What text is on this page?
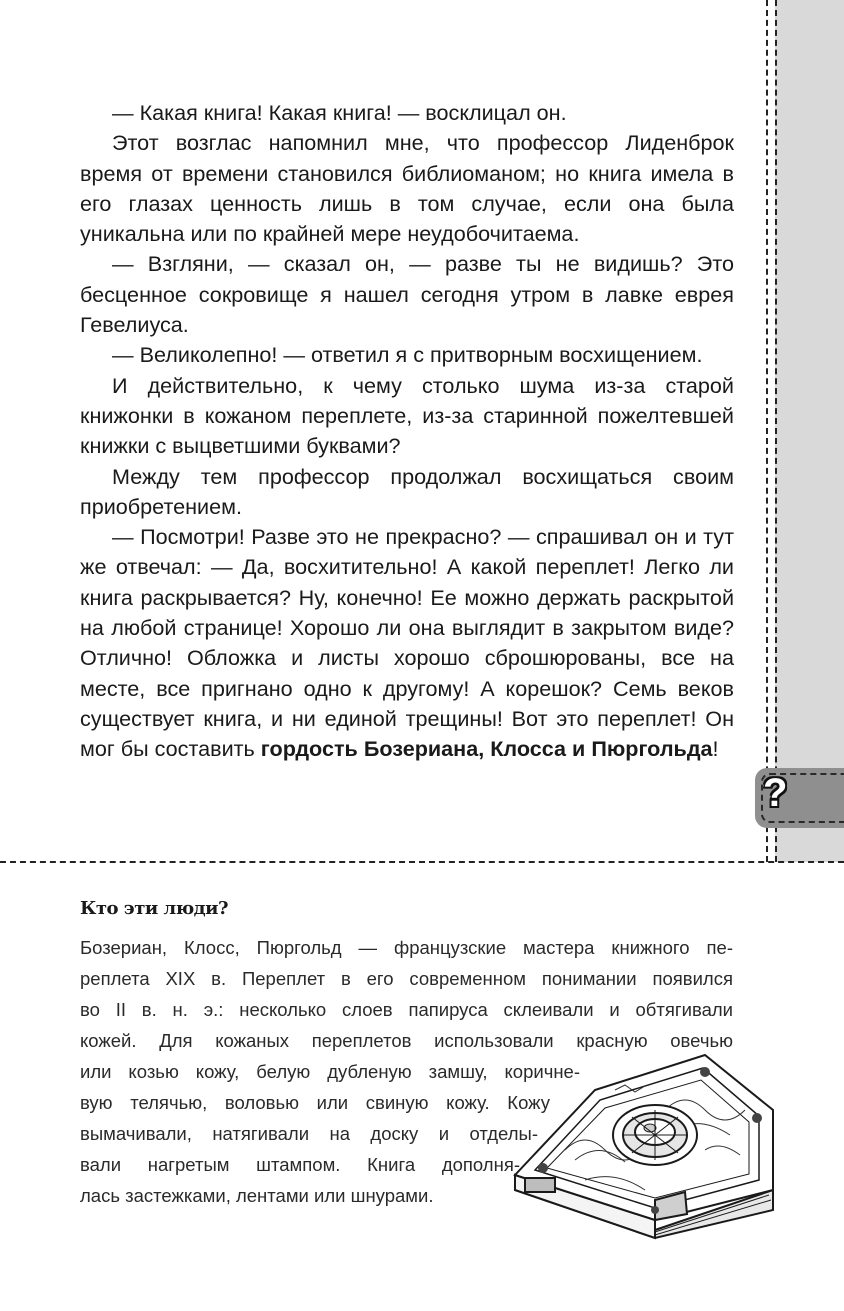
?

— Какая книга! Какая книга! — восклицал он.

Этот возглас напомнил мне, что профессор Лиденброк время от времени становился библиоманом; но книга имела в его глазах ценность лишь в том случае, если она была уникальна или по крайней мере неудобочитаема.

— Взгляни, — сказал он, — разве ты не видишь? Это бесценное сокровище я нашел сегодня утром в лавке еврея Гевелиуса.

— Великолепно! — ответил я с притворным восхищением.

И действительно, к чему столько шума из-за старой книжонки в кожаном переплете, из-за старинной пожелтевшей книжки с выцветшими буквами?

Между тем профессор продолжал восхищаться своим приобретением.

— Посмотри! Разве это не прекрасно? — спрашивал он и тут же отвечал: — Да, восхитительно! А какой переплет! Легко ли книга раскрывается? Ну, конечно! Ее можно держать раскрытой на любой странице! Хорошо ли она выглядит в закрытом виде? Отлично! Обложка и листы хорошо сброшюрованы, все на месте, все пригнано одно к другому! А корешок? Семь веков существует книга, и ни единой трещины! Вот это переплет! Он мог бы составить гордость Бозериана, Клосса и Пюргольда!

Кто эти люди?
Бозериан, Клосс, Пюргольд — французские мастера книжного пе-
реплета XIX в. Переплет в его современном понимании появился
во II в. н. э.: несколько слоев папируса склеивали и обтягивали
кожей. Для кожаных переплетов использовали красную овечью
или козью кожу, белую дубленую замшу, коричне-
вую телячью, воловью или свиную кожу. Кожу
вымачивали, натягивали на доску и отделы-
вали нагретым штампом. Книга дополня-
лась застежками, лентами или шнурами.
